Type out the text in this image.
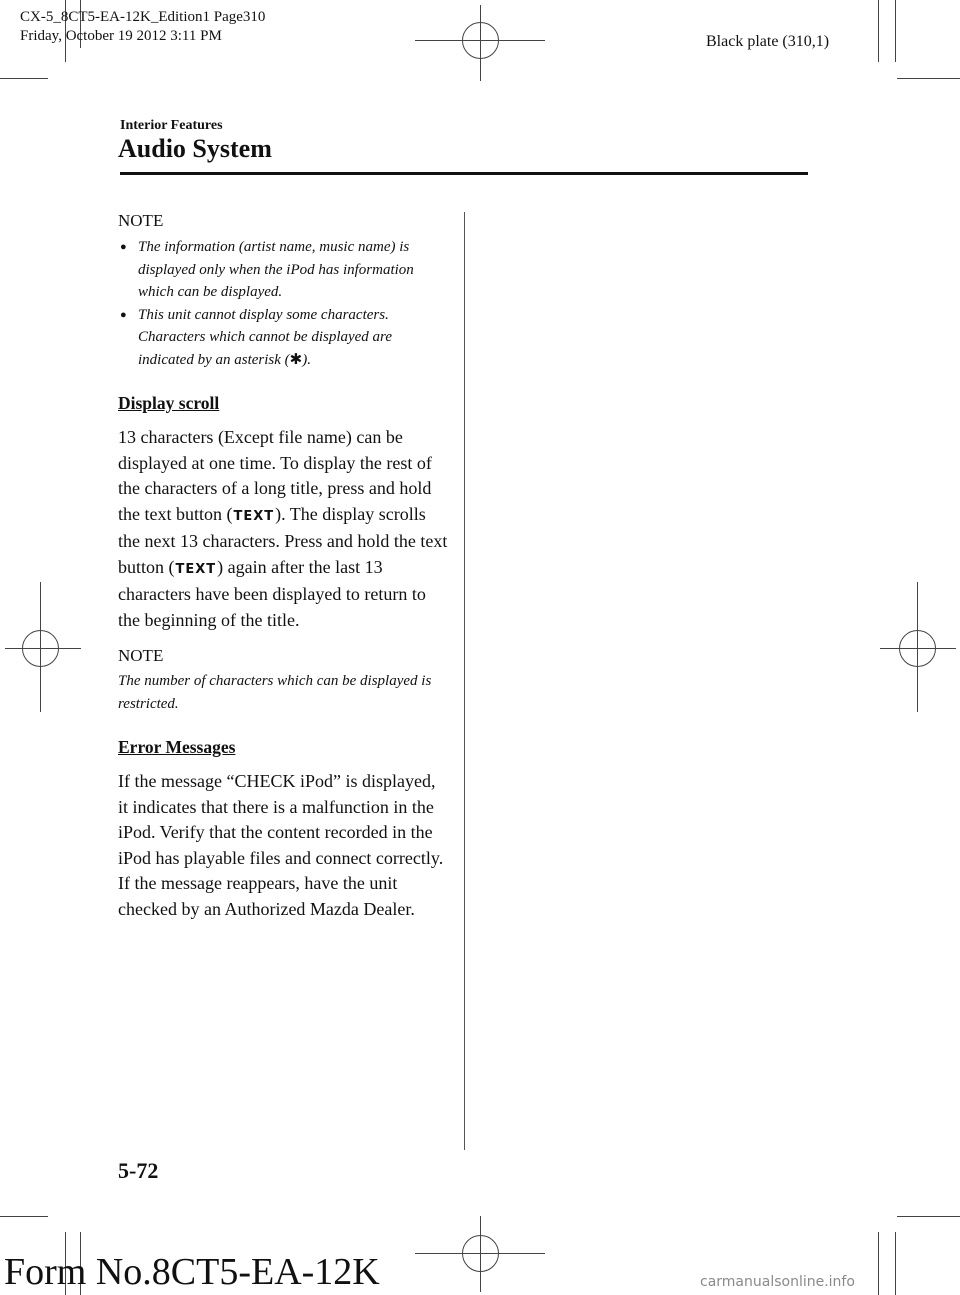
CX-5_8CT5-EA-12K_Edition1 Page310
Friday, October 19 2012 3:11 PM	Black plate (310,1)
Interior Features
Audio System
NOTE
● The information (artist name, music name) is displayed only when the iPod has information which can be displayed.
● This unit cannot display some characters. Characters which cannot be displayed are indicated by an asterisk (✱).
Display scroll
13 characters (Except file name) can be displayed at one time. To display the rest of the characters of a long title, press and hold the text button (TEXT). The display scrolls the next 13 characters. Press and hold the text button (TEXT) again after the last 13 characters have been displayed to return to the beginning of the title.
NOTE
The number of characters which can be displayed is restricted.
Error Messages
If the message “CHECK iPod” is displayed, it indicates that there is a malfunction in the iPod. Verify that the content recorded in the iPod has playable files and connect correctly. If the message reappears, have the unit checked by an Authorized Mazda Dealer.
5-72
Form No.8CT5-EA-12K	carmanualsonline.info
